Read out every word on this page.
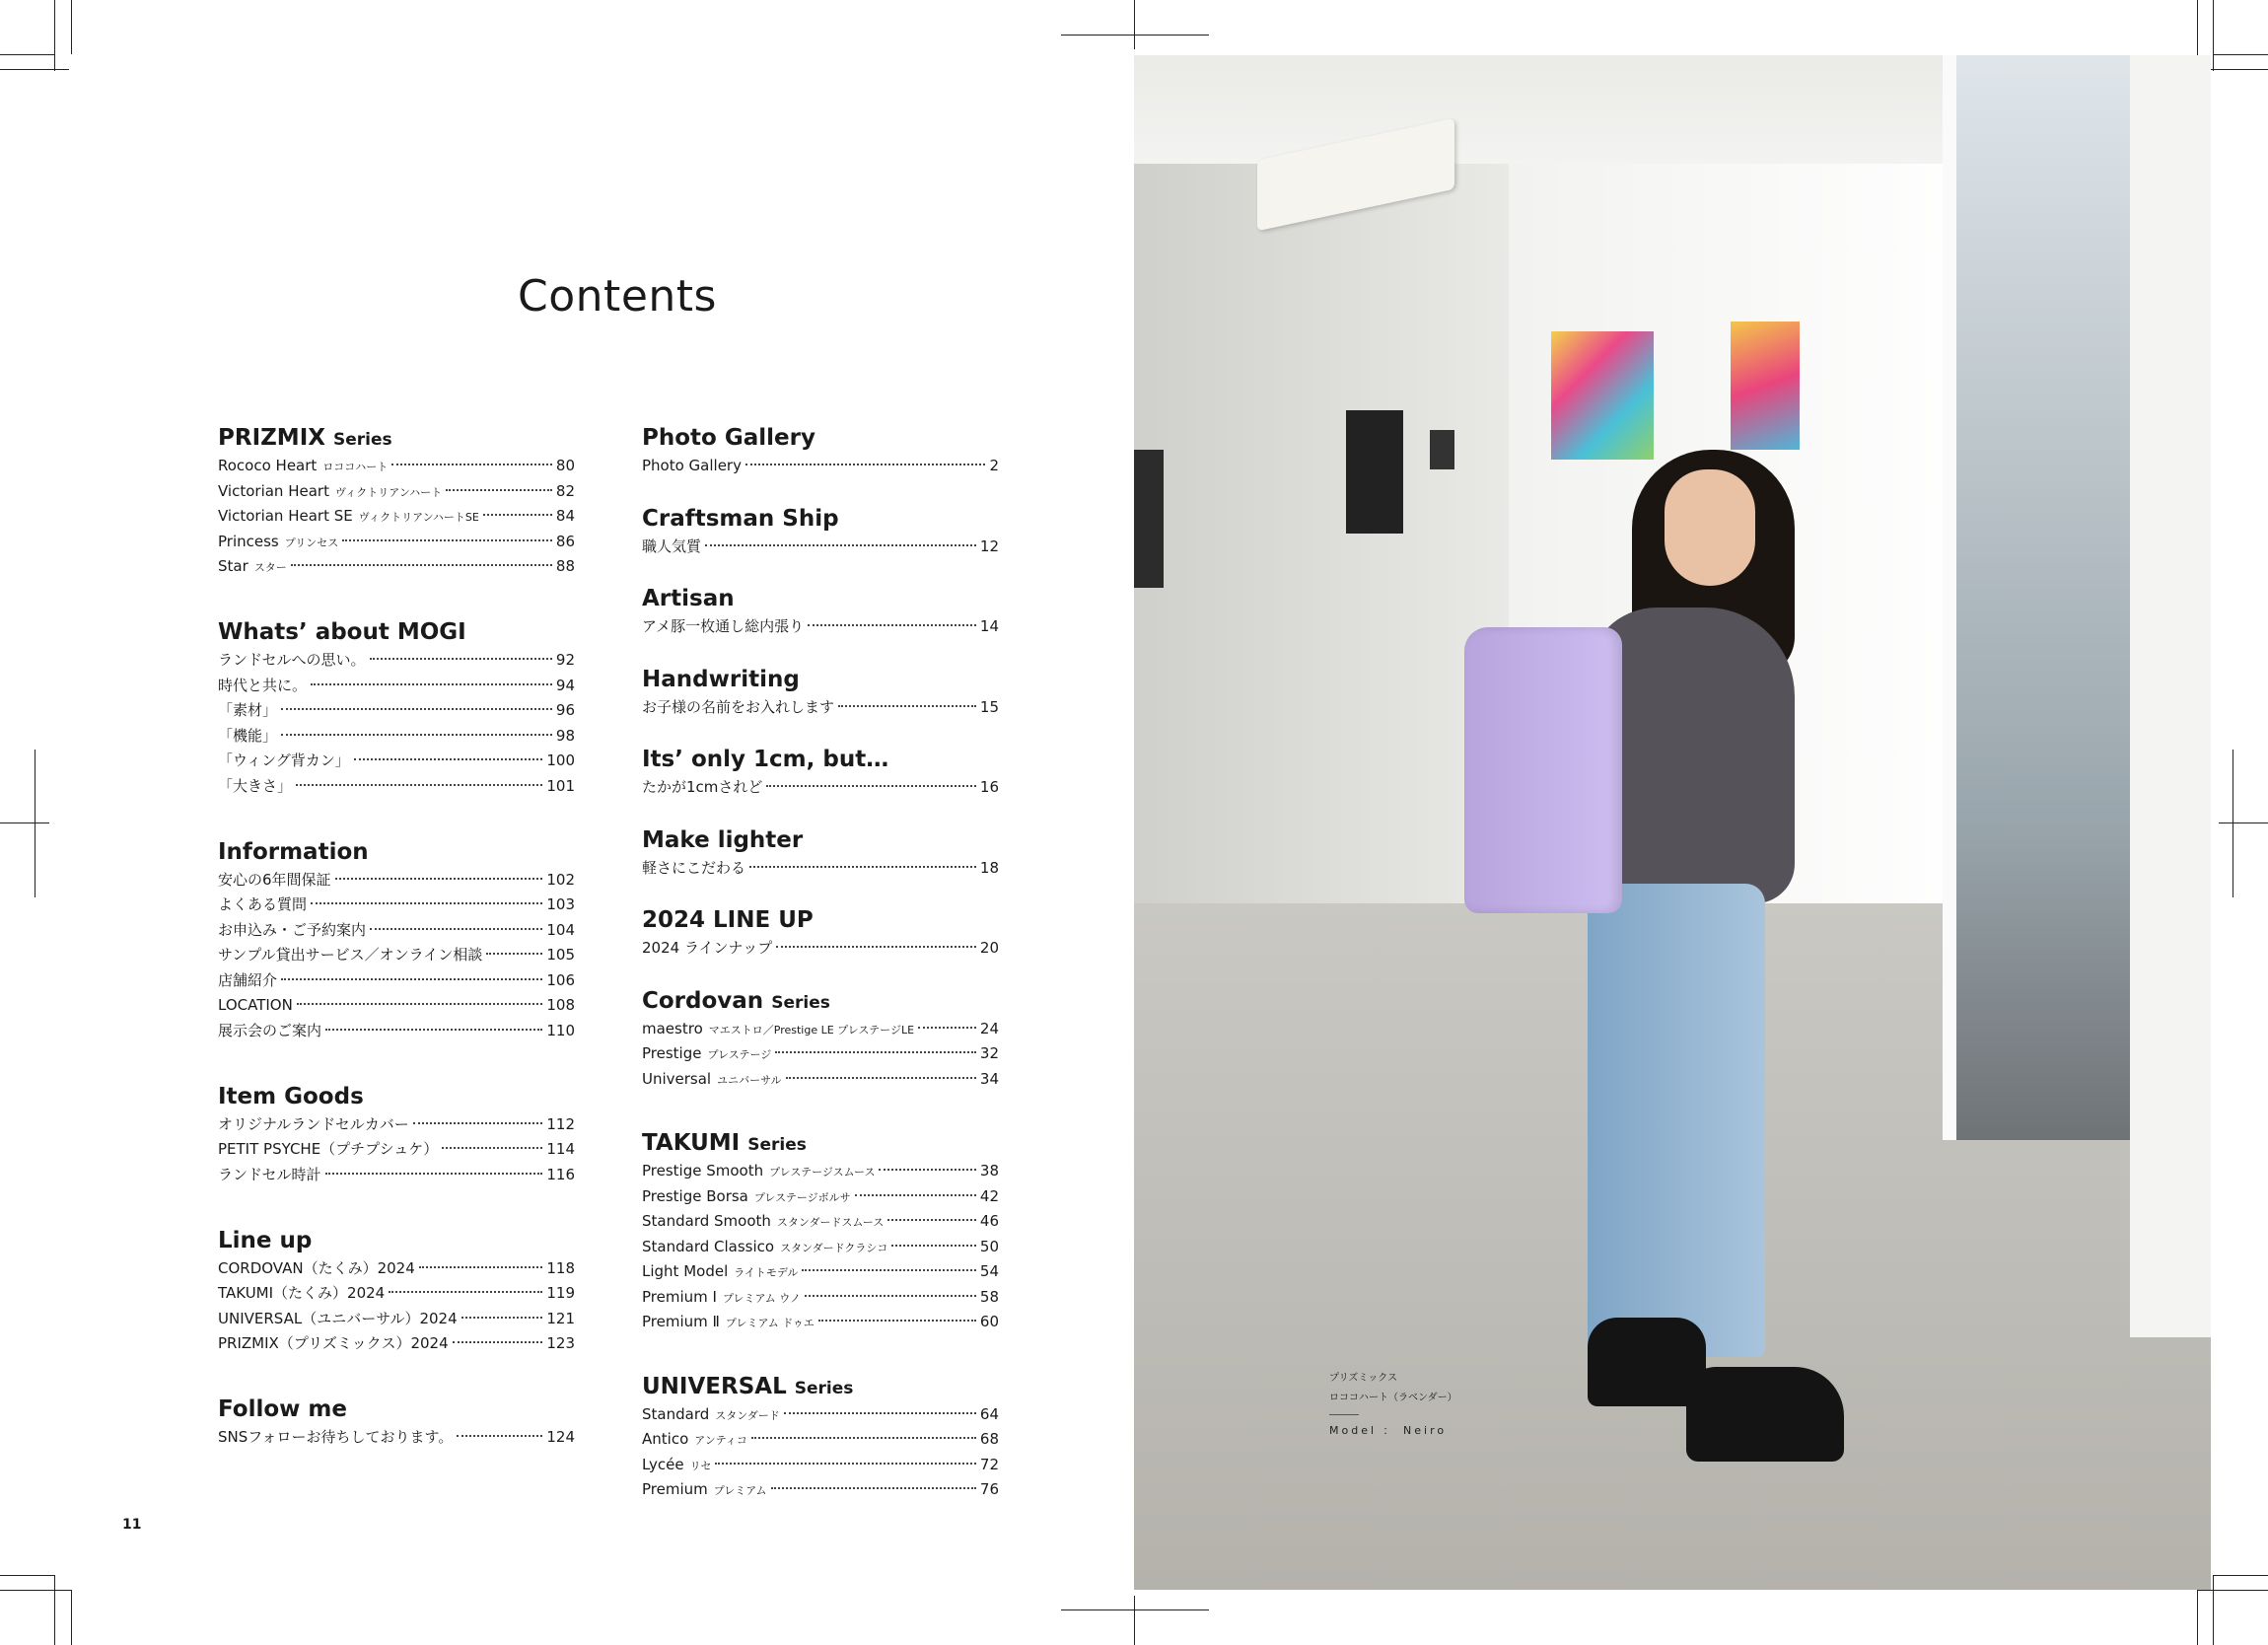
Contents
PRIZMIX Series
Rococo Heart ロココハート	80
Victorian Heart ヴィクトリアンハート	82
Victorian Heart SE ヴィクトリアンハートSE	84
Princess プリンセス	86
Star スター	88
Whats’ about MOGI
ランドセルへの思い。	92
時代と共に。	94
「素材」	96
「機能」	98
「ウィング背カン」	100
「大きさ」	101
Information
安心の6年間保証	102
よくある質問	103
お申込み・ご予約案内	104
サンプル貸出サービス／オンライン相談	105
店舗紹介	106
LOCATION	108
展示会のご案内	110
Item Goods
オリジナルランドセルカバー	112
PETIT PSYCHE（プチプシュケ）	114
ランドセル時計	116
Line up
CORDOVAN（たくみ）2024	118
TAKUMI（たくみ）2024	119
UNIVERSAL（ユニバーサル）2024	121
PRIZMIX（プリズミックス）2024	123
Follow me
SNSフォローお待ちしております。	124
Photo Gallery
Photo Gallery	2
Craftsman Ship
職人気質	12
Artisan
アメ豚一枚通し総内張り	14
Handwriting
お子様の名前をお入れします	15
Its’ only 1cm, but…
たかが1cmされど	16
Make lighter
軽さにこだわる	18
2024 LINE UP
2024 ラインナップ	20
Cordovan Series
maestro マエストロ／Prestige LE プレステージLE	24
Prestige プレステージ	32
Universal ユニバーサル	34
TAKUMI Series
Prestige Smooth プレステージスムース	38
Prestige Borsa プレステージボルサ	42
Standard Smooth スタンダードスムース	46
Standard Classico スタンダードクラシコ	50
Light Model ライトモデル	54
Premium Ⅰ プレミアム ウノ	58
Premium Ⅱ プレミアム ドゥエ	60
UNIVERSAL Series
Standard スタンダード	64
Antico アンティコ	68
Lycée リセ	72
Premium プレミアム	76
11
プリズミックス
ロココハート（ラベンダー）
Model ： Neiro
